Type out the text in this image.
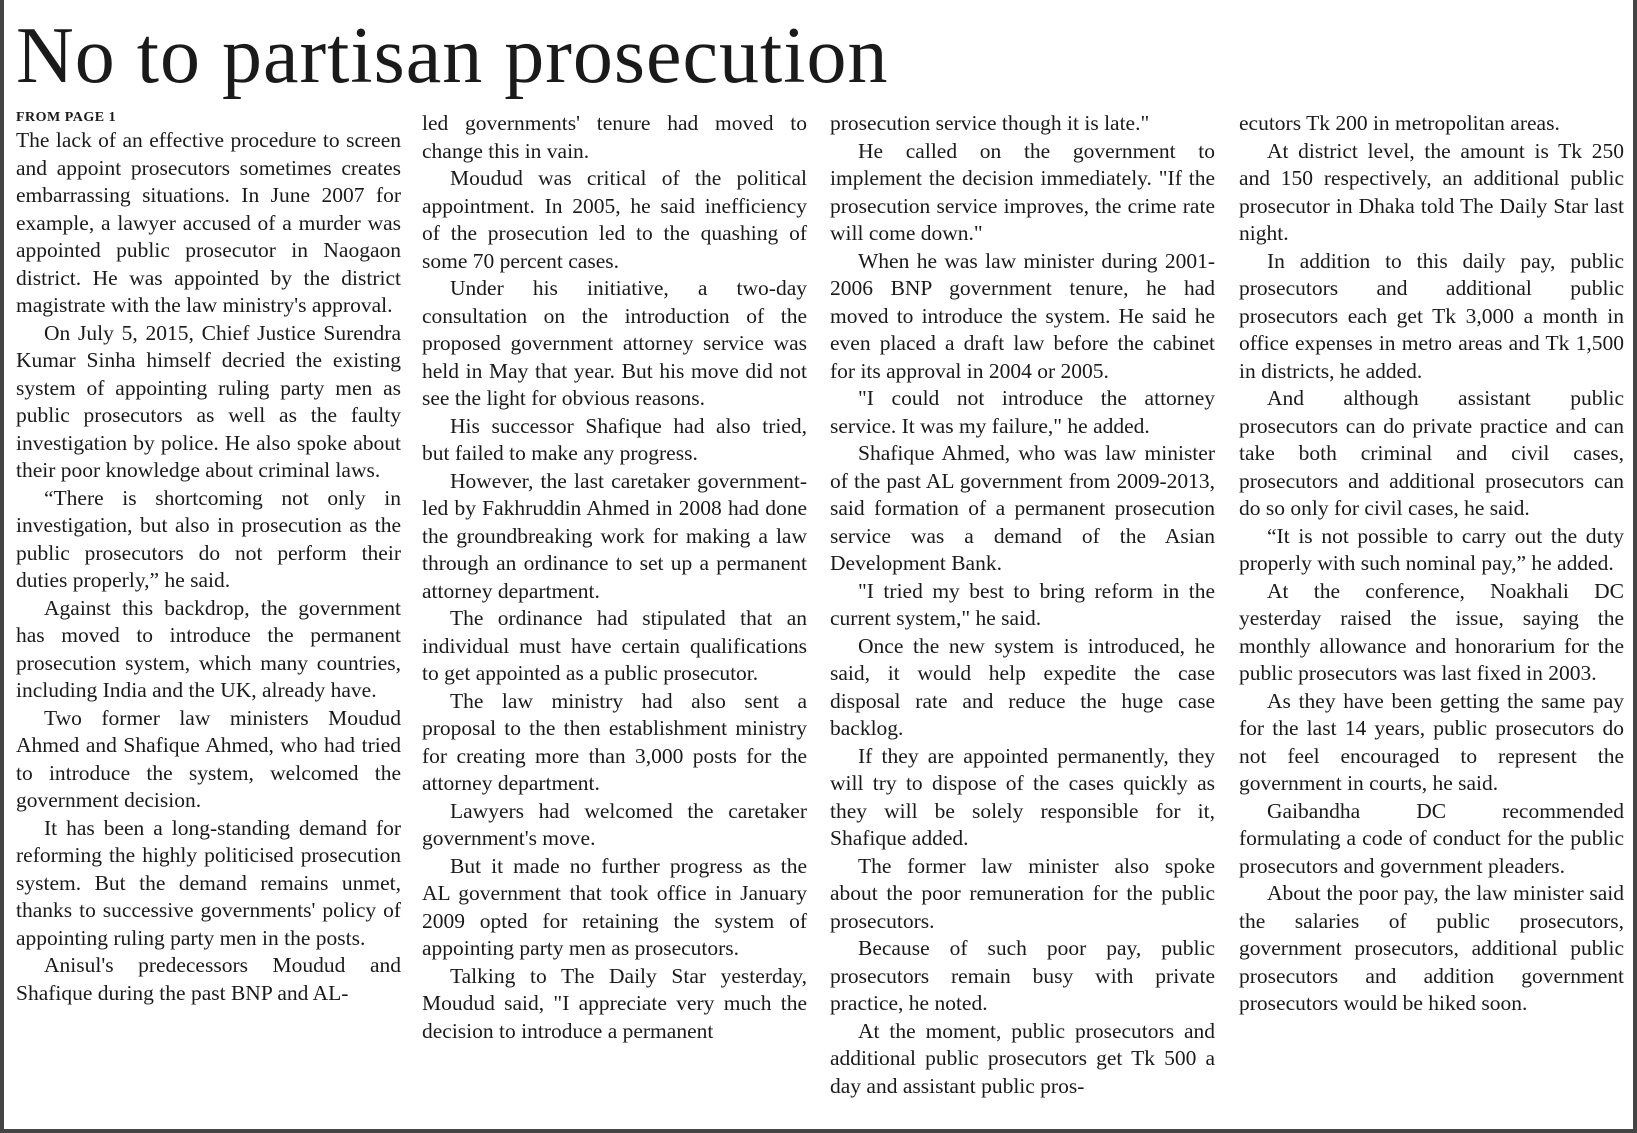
No to partisan prosecution
FROM PAGE 1

The lack of an effective procedure to screen and appoint prosecutors sometimes creates embarrassing situations. In June 2007 for example, a lawyer accused of a murder was appointed public prosecutor in Naogaon district. He was appointed by the district magistrate with the law ministry's approval.

On July 5, 2015, Chief Justice Surendra Kumar Sinha himself decried the existing system of appointing ruling party men as public prosecutors as well as the faulty investigation by police. He also spoke about their poor knowledge about criminal laws.

“There is shortcoming not only in investigation, but also in prosecution as the public prosecutors do not perform their duties properly,” he said.

Against this backdrop, the government has moved to introduce the permanent prosecution system, which many countries, including India and the UK, already have.

Two former law ministers Moudud Ahmed and Shafique Ahmed, who had tried to introduce the system, welcomed the government decision.

It has been a long-standing demand for reforming the highly politicised prosecution system. But the demand remains unmet, thanks to successive governments' policy of appointing ruling party men in the posts.

Anisul's predecessors Moudud and Shafique during the past BNP and AL-

led governments' tenure had moved to change this in vain.

Moudud was critical of the political appointment. In 2005, he said inefficiency of the prosecution led to the quashing of some 70 percent cases.

Under his initiative, a two-day consultation on the introduction of the proposed government attorney service was held in May that year. But his move did not see the light for obvious reasons.

His successor Shafique had also tried, but failed to make any progress.

However, the last caretaker government-led by Fakhruddin Ahmed in 2008 had done the groundbreaking work for making a law through an ordinance to set up a permanent attorney department.

The ordinance had stipulated that an individual must have certain qualifications to get appointed as a public prosecutor.

The law ministry had also sent a proposal to the then establishment ministry for creating more than 3,000 posts for the attorney department.

Lawyers had welcomed the caretaker government's move.

But it made no further progress as the AL government that took office in January 2009 opted for retaining the system of appointing party men as prosecutors.

Talking to The Daily Star yesterday, Moudud said, "I appreciate very much the decision to introduce a permanent

prosecution service though it is late."

He called on the government to implement the decision immediately. "If the prosecution service improves, the crime rate will come down."

When he was law minister during 2001-2006 BNP government tenure, he had moved to introduce the system. He said he even placed a draft law before the cabinet for its approval in 2004 or 2005.

"I could not introduce the attorney service. It was my failure," he added.

Shafique Ahmed, who was law minister of the past AL government from 2009-2013, said formation of a permanent prosecution service was a demand of the Asian Development Bank.

"I tried my best to bring reform in the current system," he said.

Once the new system is introduced, he said, it would help expedite the case disposal rate and reduce the huge case backlog.

If they are appointed permanently, they will try to dispose of the cases quickly as they will be solely responsible for it, Shafique added.

The former law minister also spoke about the poor remuneration for the public prosecutors.

Because of such poor pay, public prosecutors remain busy with private practice, he noted.

At the moment, public prosecutors and additional public prosecutors get Tk 500 a day and assistant public pros-

ecutors Tk 200 in metropolitan areas.

At district level, the amount is Tk 250 and 150 respectively, an additional public prosecutor in Dhaka told The Daily Star last night.

In addition to this daily pay, public prosecutors and additional public prosecutors each get Tk 3,000 a month in office expenses in metro areas and Tk 1,500 in districts, he added.

And although assistant public prosecutors can do private practice and can take both criminal and civil cases, prosecutors and additional prosecutors can do so only for civil cases, he said.

“It is not possible to carry out the duty properly with such nominal pay,” he added.

At the conference, Noakhali DC yesterday raised the issue, saying the monthly allowance and honorarium for the public prosecutors was last fixed in 2003.

As they have been getting the same pay for the last 14 years, public prosecutors do not feel encouraged to represent the government in courts, he said.

Gaibandha DC recommended formulating a code of conduct for the public prosecutors and government pleaders.

About the poor pay, the law minister said the salaries of public prosecutors, government prosecutors, additional public prosecutors and addition government prosecutors would be hiked soon.
